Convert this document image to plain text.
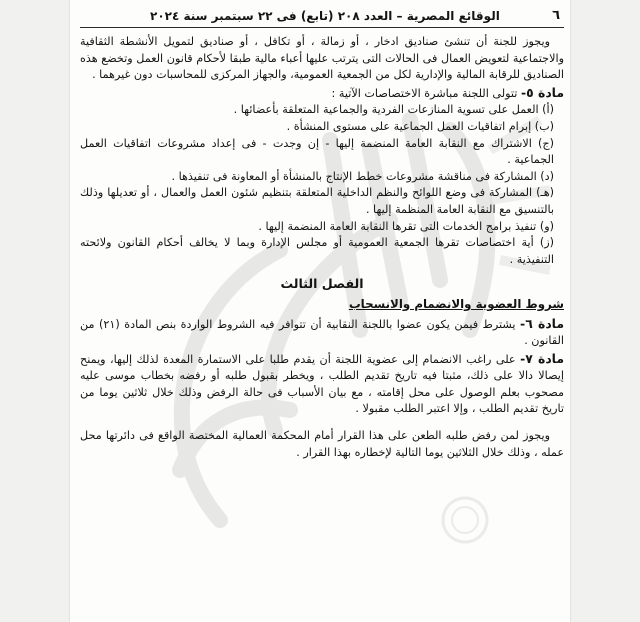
٦
الوقائع المصرية – العدد ٢٠٨ (تابع) فى ٢٢ سبتمبر سنة ٢٠٢٤

ويجوز للجنة أن تنشئ صناديق ادخار ، أو زمالة ، أو تكافل ، أو صناديق لتمويل الأنشطة الثقافية والاجتماعية لتعويض العمال فى الحالات التى يترتب عليها أعباء مالية طبقا لأحكام قانون العمل وتخضع هذه الصناديق للرقابة المالية والإدارية لكل من الجمعية العمومية، والجهاز المركزى للمحاسبات دون غيرهما .

مادة ٥- تتولى اللجنة مباشرة الاختصاصات الآتية :

(أ) العمل على تسوية المنازعات الفردية والجماعية المتعلقة بأعضائها .

(ب) إبرام اتفاقيات العمل الجماعية على مستوى المنشأة .

(ج) الاشتراك مع النقابة العامة المنضمة إليها - إن وجدت - فى إعداد مشروعات اتفاقيات العمل الجماعية .

(د) المشاركة فى مناقشة مشروعات خطط الإنتاج بالمنشأة أو المعاونة فى تنفيذها .

(هـ) المشاركة فى وضع اللوائح والنظم الداخلية المتعلقة بتنظيم شئون العمل والعمال ، أو تعديلها وذلك بالتنسيق مع النقابة العامة المنظمة إليها .

(و) تنفيذ برامج الخدمات التى تقرها النقابة العامة المنضمة إليها .

(ز) أية اختصاصات تقرها الجمعية العمومية أو مجلس الإدارة وبما لا يخالف أحكام القانون ولائحته التنفيذية .

الفصل الثالث
شروط العضوية والانضمام والانسحاب

مادة ٦- يشترط فيمن يكون عضوا باللجنة النقابية أن تتوافر فيه الشروط الواردة بنص المادة (٢١) من القانون .

مادة ٧- على راغب الانضمام إلى عضوية اللجنة أن يقدم طلبا على الاستمارة المعدة لذلك إليها، ويمنح إيصالا دالا على ذلك، مثبتا فيه تاريخ تقديم الطلب ، ويخطر بقبول طلبه أو رفضه بخطاب موسى عليه مصحوب بعلم الوصول على محل إقامته ، مع بيان الأسباب فى حالة الرفض وذلك خلال ثلاثين يوما من تاريخ تقديم الطلب ، وإلا اعتبر الطلب مقبولا .

ويجوز لمن رفض طلبه الطعن على هذا القرار أمام المحكمة العمالية المختصة الواقع فى دائرتها محل عمله ، وذلك خلال الثلاثين يوما التالية لإخطاره بهذا القرار .
